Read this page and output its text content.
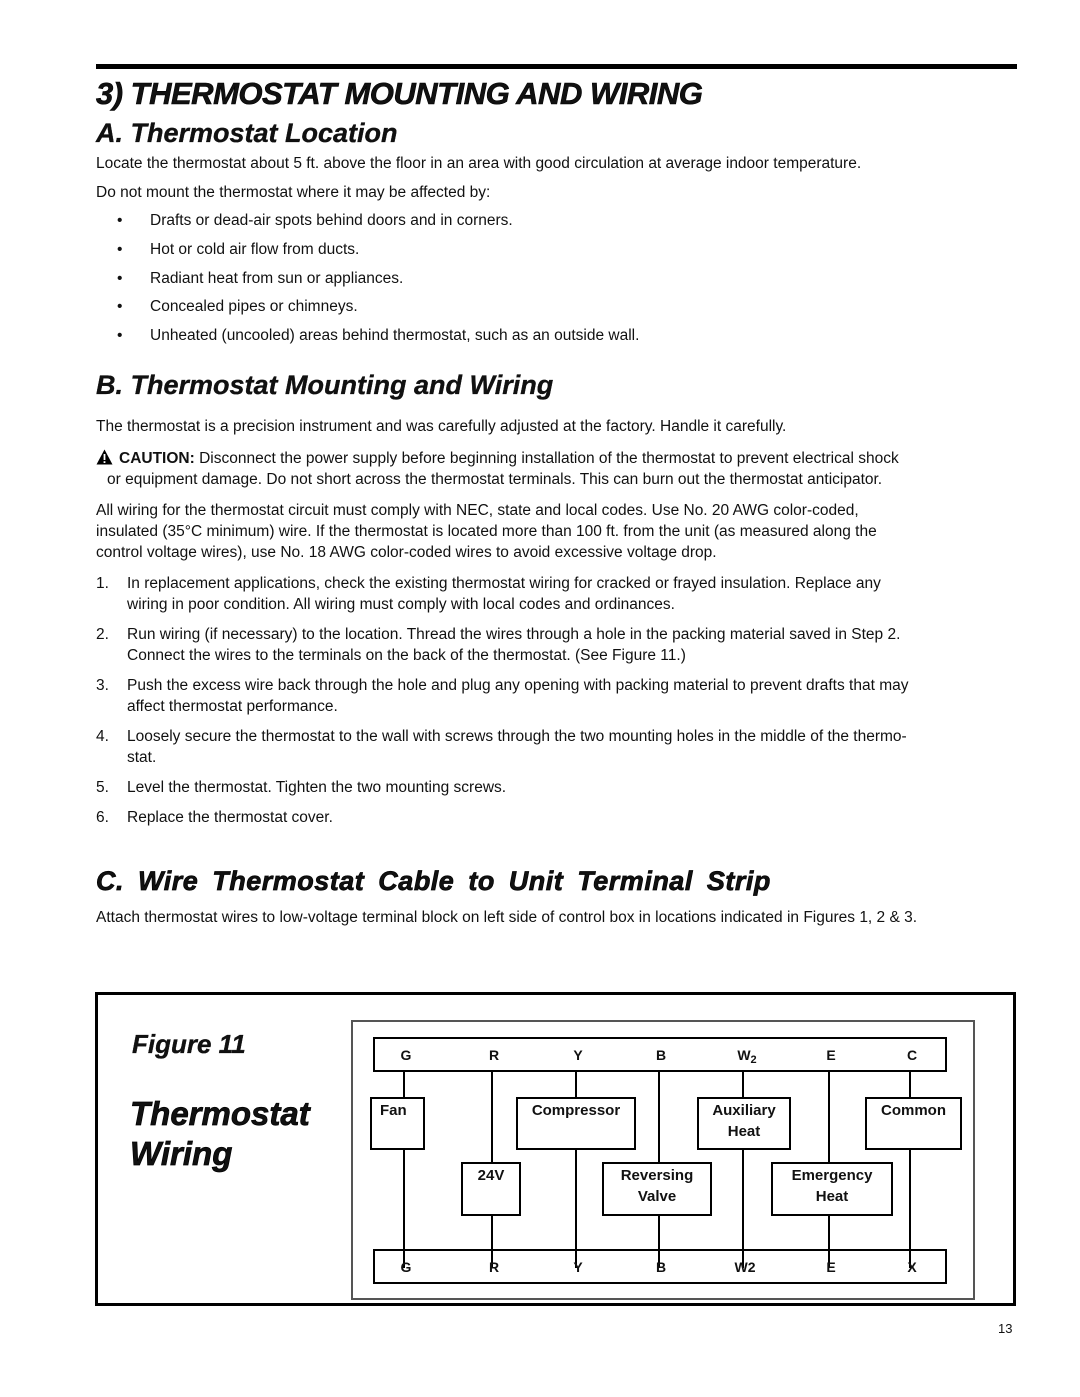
3) THERMOSTAT MOUNTING AND WIRING
A. Thermostat Location

Locate the thermostat about 5 ft. above the floor in an area with good circulation at average indoor temperature.

Do not mount the thermostat where it may be affected by:

• Drafts or dead-air spots behind doors and in corners.

• Hot or cold air flow from ducts.

• Radiant heat from sun or appliances.

• Concealed pipes or chimneys.

• Unheated (uncooled) areas behind thermostat, such as an outside wall.

B. Thermostat Mounting and Wiring

The thermostat is a precision instrument and was carefully adjusted at the factory. Handle it carefully.

CAUTION: Disconnect the power supply before beginning installation of the thermostat to prevent electrical shock
or equipment damage. Do not short across the thermostat terminals. This can burn out the thermostat anticipator.

All wiring for the thermostat circuit must comply with NEC, state and local codes. Use No. 20 AWG color-coded,

insulated (35°C minimum) wire. If the thermostat is located more than 100 ft. from the unit (as measured along the

control voltage wires), use No. 18 AWG color-coded wires to avoid excessive voltage drop.

1. In replacement applications, check the existing thermostat wiring for cracked or frayed insulation. Replace any
wiring in poor condition. All wiring must comply with local codes and ordinances.
2. Run wiring (if necessary) to the location. Thread the wires through a hole in the packing material saved in Step 2.
Connect the wires to the terminals on the back of the thermostat. (See Figure 11.)
3. Push the excess wire back through the hole and plug any opening with packing material to prevent drafts that may
affect thermostat performance.
4. Loosely secure the thermostat to the wall with screws through the two mounting holes in the middle of the thermo-
stat.
5. Level the thermostat. Tighten the two mounting screws.
6. Replace the thermostat cover.
C. Wire Thermostat Cable to Unit Terminal Strip

Attach thermostat wires to low-voltage terminal block on left side of control box in locations indicated in Figures 1, 2 & 3.

Figure 11
Thermostat
Wiring
G	R	Y	B	$W_2$	E	C
Fan	Compressor	Auxiliary
Heat
Common
24V	Reversing
Valve
Emergency
Heat
G	R	Y	B	W2	E	X
13
